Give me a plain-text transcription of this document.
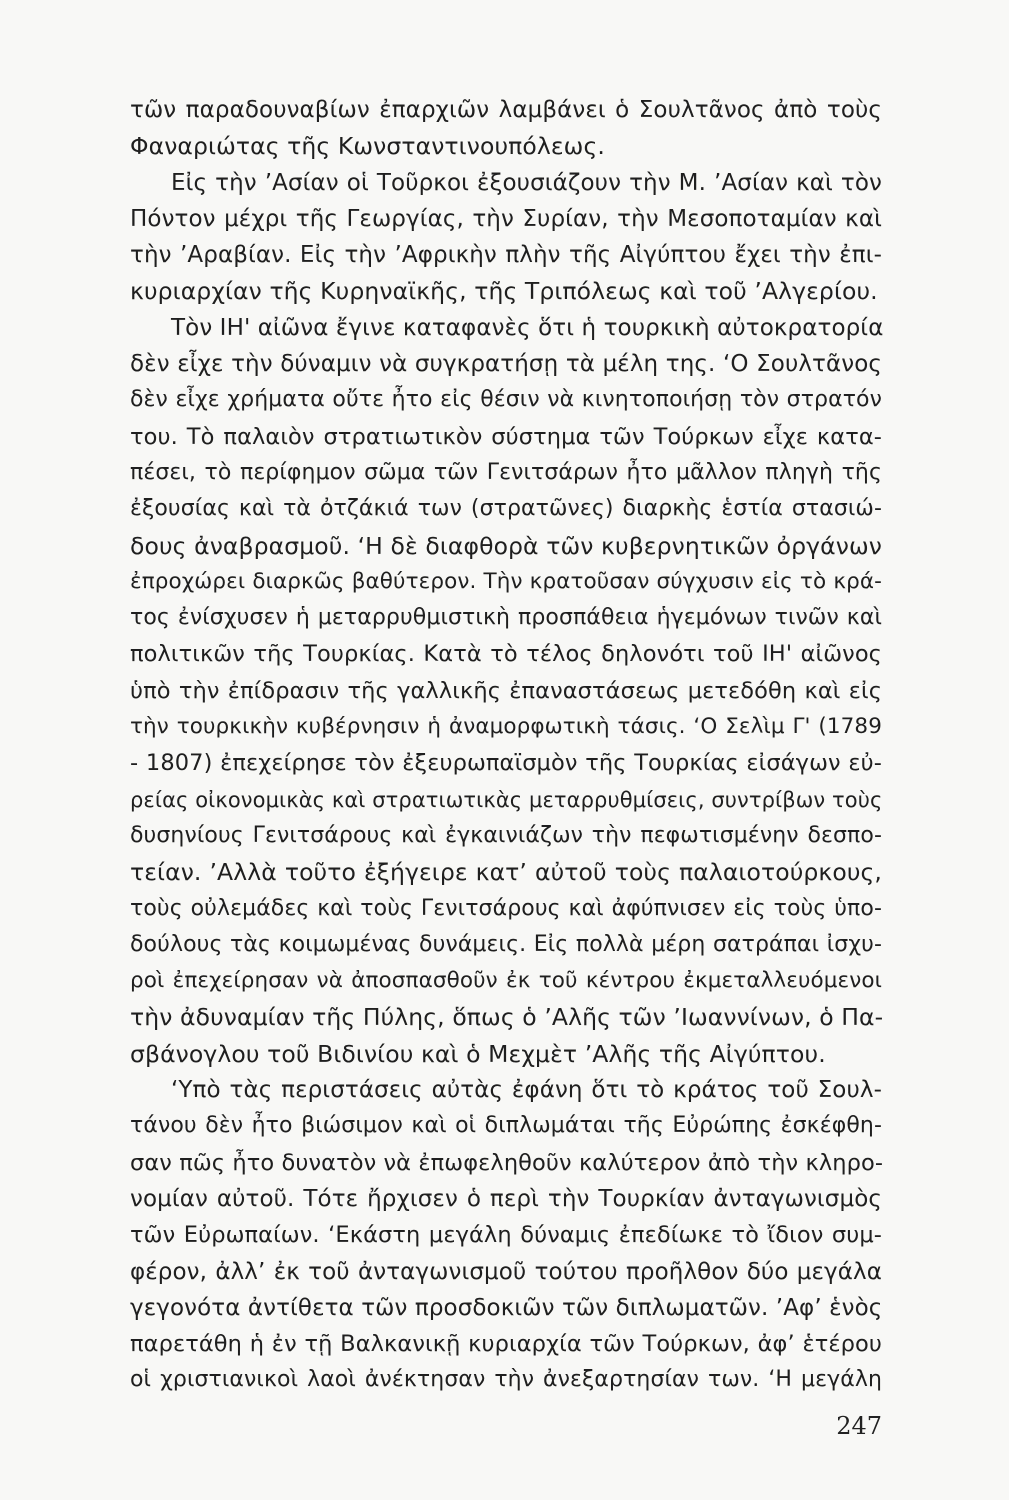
τῶν παραδουναβίων ἐπαρχιῶν λαμβάνει ὁ Σουλτᾶνος ἀπὸ τοὺς
Φαναριώτας τῆς Κωνσταντινουπόλεως.
Εἰς τὴν ’Ασίαν οἱ Τοῦρκοι ἐξουσιάζουν τὴν Μ. ’Ασίαν καὶ τὸν
Πόντον μέχρι τῆς Γεωργίας, τὴν Συρίαν, τὴν Μεσοποταμίαν καὶ
τὴν ’Αραβίαν. Εἰς τὴν ’Αφρικὴν πλὴν τῆς Αἰγύπτου ἔχει τὴν ἐπι-
κυριαρχίαν τῆς Κυρηναϊκῆς, τῆς Τριπόλεως καὶ τοῦ ’Αλγερίου.
Τὸν ΙΗ' αἰῶνα ἔγινε καταφανὲς ὅτι ἡ τουρκικὴ αὐτοκρατορία
δὲν εἶχε τὴν δύναμιν νὰ συγκρατήσῃ τὰ μέλη της. ‘Ο Σουλτᾶνος
δὲν εἶχε χρήματα οὔτε ἦτο εἰς θέσιν νὰ κινητοποιήσῃ τὸν στρατόν
του. Τὸ παλαιὸν στρατιωτικὸν σύστημα τῶν Τούρκων εἶχε κατα-
πέσει, τὸ περίφημον σῶμα τῶν Γενιτσάρων ἦτο μᾶλλον πληγὴ τῆς
ἐξουσίας καὶ τὰ ὀτζάκιά των (στρατῶνες) διαρκὴς ἑστία στασιώ-
δους ἀναβρασμοῦ. ‘Η δὲ διαφθορὰ τῶν κυβερνητικῶν ὀργάνων
ἐπροχώρει διαρκῶς βαθύτερον. Τὴν κρατοῦσαν σύγχυσιν εἰς τὸ κρά-
τος ἐνίσχυσεν ἡ μεταρρυθμιστικὴ προσπάθεια ἡγεμόνων τινῶν καὶ
πολιτικῶν τῆς Τουρκίας. Κατὰ τὸ τέλος δηλονότι τοῦ ΙΗ' αἰῶνος
ὑπὸ τὴν ἐπίδρασιν τῆς γαλλικῆς ἐπαναστάσεως μετεδόθη καὶ εἰς
τὴν τουρκικὴν κυβέρνησιν ἡ ἀναμορφωτικὴ τάσις. ‘Ο Σελὶμ Γ' (1789
- 1807) ἐπεχείρησε τὸν ἐξευρωπαϊσμὸν τῆς Τουρκίας εἰσάγων εὐ-
ρείας οἰκονομικὰς καὶ στρατιωτικὰς μεταρρυθμίσεις, συντρίβων τοὺς
δυσηνίους Γενιτσάρους καὶ ἐγκαινιάζων τὴν πεφωτισμένην δεσπο-
τείαν. ’Αλλὰ τοῦτο ἐξήγειρε κατ’ αὐτοῦ τοὺς παλαιοτούρκους,
τοὺς οὐλεμάδες καὶ τοὺς Γενιτσάρους καὶ ἀφύπνισεν εἰς τοὺς ὑπο-
δούλους τὰς κοιμωμένας δυνάμεις. Εἰς πολλὰ μέρη σατράπαι ἰσχυ-
ροὶ ἐπεχείρησαν νὰ ἀποσπασθοῦν ἐκ τοῦ κέντρου ἐκμεταλλευόμενοι
τὴν ἀδυναμίαν τῆς Πύλης, ὅπως ὁ ’Αλῆς τῶν ’Ιωαννίνων, ὁ Πα-
σβάνογλου τοῦ Βιδινίου καὶ ὁ Μεχμὲτ ’Αλῆς τῆς Αἰγύπτου.
‘Υπὸ τὰς περιστάσεις αὐτὰς ἐφάνη ὅτι τὸ κράτος τοῦ Σουλ-
τάνου δὲν ἦτο βιώσιμον καὶ οἱ διπλωμάται τῆς Εὐρώπης ἐσκέφθη-
σαν πῶς ἦτο δυνατὸν νὰ ἐπωφεληθοῦν καλύτερον ἀπὸ τὴν κληρο-
νομίαν αὐτοῦ. Τότε ἤρχισεν ὁ περὶ τὴν Τουρκίαν ἀνταγωνισμὸς
τῶν Εὐρωπαίων. ‘Εκάστη μεγάλη δύναμις ἐπεδίωκε τὸ ἴδιον συμ-
φέρον, ἀλλ’ ἐκ τοῦ ἀνταγωνισμοῦ τούτου προῆλθον δύο μεγάλα
γεγονότα ἀντίθετα τῶν προσδοκιῶν τῶν διπλωματῶν. ’Αφ’ ἑνὸς
παρετάθη ἡ ἐν τῇ Βαλκανικῇ κυριαρχία τῶν Τούρκων, ἀφ’ ἑτέρου
οἱ χριστιανικοὶ λαοὶ ἀνέκτησαν τὴν ἀνεξαρτησίαν των. ‘Η μεγάλη
247
